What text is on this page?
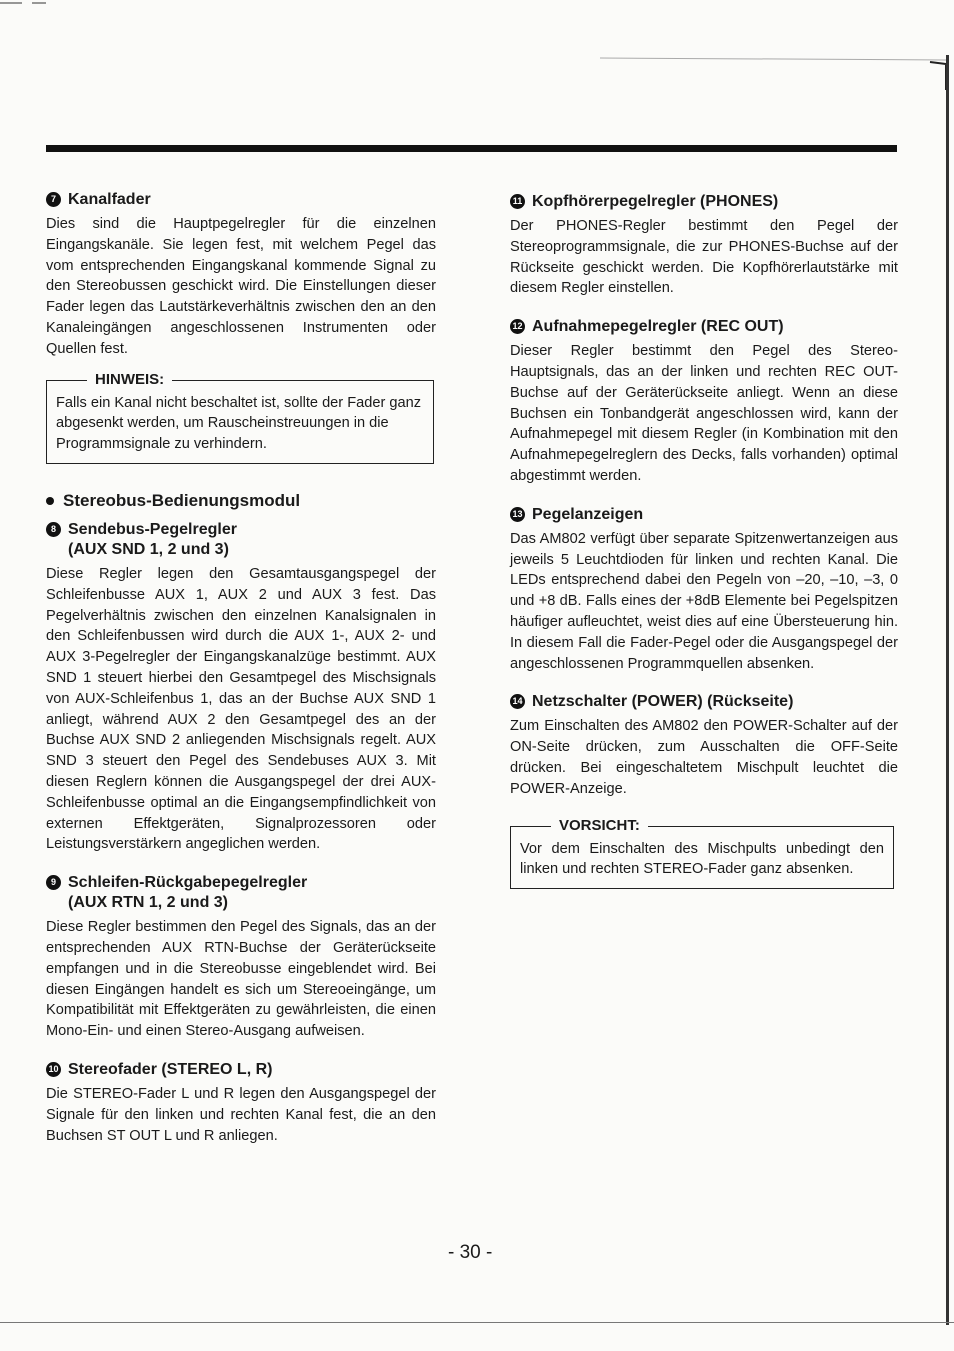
7 Kanalfader

Dies sind die Hauptpegelregler für die einzelnen Eingangskanäle. Sie legen fest, mit welchem Pegel das vom entsprechenden Eingangskanal kommende Signal zu den Stereobussen geschickt wird. Die Einstellungen dieser Fader legen das Lautstärkeverhältnis zwischen den an den Kanaleingängen angeschlossenen Instrumenten oder Quellen fest.

HINWEIS:

Falls ein Kanal nicht beschaltet ist, sollte der Fader ganz abgesenkt werden, um Rauscheinstreuungen in die Programmsignale zu verhindern.

Stereobus-Bedienungsmodul
8 Sendebus-Pegelregler
(AUX SND 1, 2 und 3)

Diese Regler legen den Gesamtausgangspegel der Schleifenbusse AUX 1, AUX 2 und AUX 3 fest. Das Pegelverhältnis zwischen den einzelnen Kanalsignalen in den Schleifenbussen wird durch die AUX 1-, AUX 2- und AUX 3-Pegelregler der Eingangskanalzüge bestimmt. AUX SND 1 steuert hierbei den Gesamtpegel des Mischsignals von AUX-Schleifenbus 1, das an der Buchse AUX SND 1 anliegt, während AUX 2 den Gesamtpegel des an der Buchse AUX SND 2 anliegenden Mischsignals regelt. AUX SND 3 steuert den Pegel des Sendebuses AUX 3. Mit diesen Reglern können die Ausgangspegel der drei AUX-Schleifenbusse optimal an die Eingangsempfindlichkeit von externen Effektgeräten, Signalprozessoren oder Leistungsverstärkern angeglichen werden.

9 Schleifen-Rückgabepegelregler
(AUX RTN 1, 2 und 3)

Diese Regler bestimmen den Pegel des Signals, das an der entsprechenden AUX RTN-Buchse der Geräterückseite empfangen und in die Stereobusse eingeblendet wird. Bei diesen Eingängen handelt es sich um Stereoeingänge, um Kompatibilität mit Effektgeräten zu gewährleisten, die einen Mono-Ein- und einen Stereo-Ausgang aufweisen.

10 Stereofader (STEREO L, R)

Die STEREO-Fader L und R legen den Ausgangspegel der Signale für den linken und rechten Kanal fest, die an den Buchsen ST OUT L und R anliegen.

11 Kopfhörerpegelregler (PHONES)

Der PHONES-Regler bestimmt den Pegel der Stereoprogrammsignale, die zur PHONES-Buchse auf der Rückseite geschickt werden. Die Kopfhörerlautstärke mit diesem Regler einstellen.

12 Aufnahmepegelregler (REC OUT)

Dieser Regler bestimmt den Pegel des Stereo-Hauptsignals, das an der linken und rechten REC OUT-Buchse auf der Geräterückseite anliegt. Wenn an diese Buchsen ein Tonbandgerät angeschlossen wird, kann der Aufnahmepegel mit diesem Regler (in Kombination mit den Aufnahmepegelreglern des Decks, falls vorhanden) optimal abgestimmt werden.

13 Pegelanzeigen

Das AM802 verfügt über separate Spitzenwertanzeigen aus jeweils 5 Leuchtdioden für linken und rechten Kanal. Die LEDs entsprechend dabei den Pegeln von –20, –10, –3, 0 und +8 dB. Falls eines der +8dB Elemente bei Pegelspitzen häufiger aufleuchtet, weist dies auf eine Übersteuerung hin. In diesem Fall die Fader-Pegel oder die Ausgangspegel der angeschlossenen Programmquellen absenken.

14 Netzschalter (POWER) (Rückseite)

Zum Einschalten des AM802 den POWER-Schalter auf der ON-Seite drücken, zum Ausschalten die OFF-Seite drücken. Bei eingeschaltetem Mischpult leuchtet die POWER-Anzeige.

VORSICHT:

Vor dem Einschalten des Mischpults unbedingt den linken und rechten STEREO-Fader ganz absenken.

- 30 -
